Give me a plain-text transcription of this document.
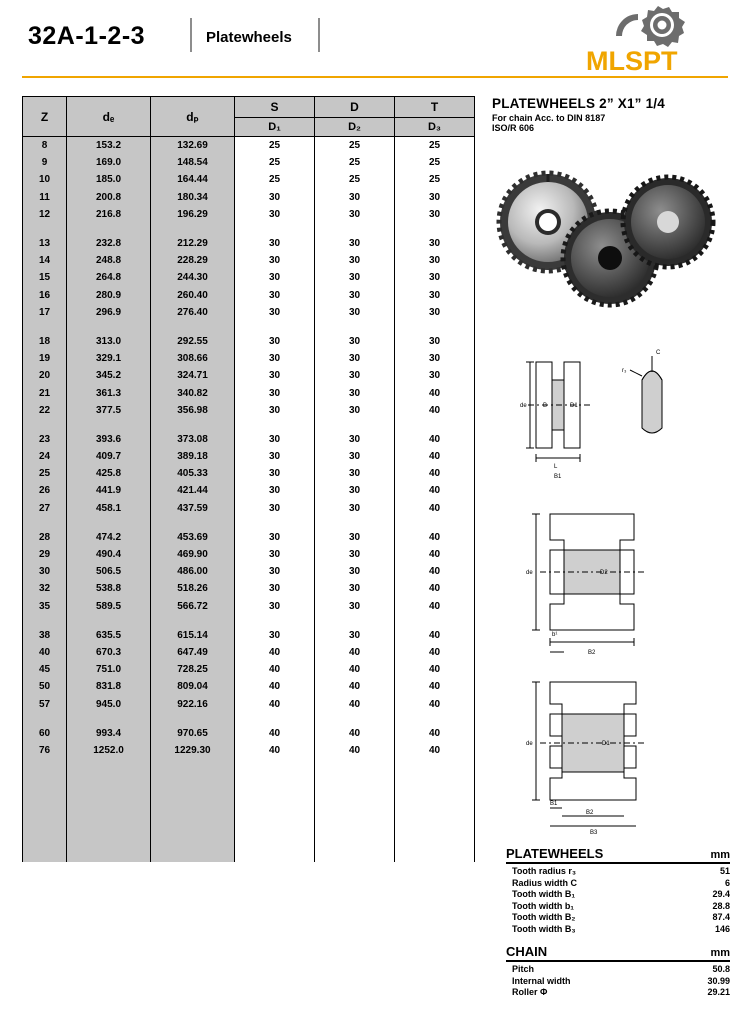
32A-1-2-3	Platewheels
MLSPT
Z	dₑ	dₚ	S	D	T
			D₁	D₂	D₃
8	153.2	132.69	25	25	25
9	169.0	148.54	25	25	25
10	185.0	164.44	25	25	25
11	200.8	180.34	30	30	30
12	216.8	196.29	30	30	30

13	232.8	212.29	30	30	30
14	248.8	228.29	30	30	30
15	264.8	244.30	30	30	30
16	280.9	260.40	30	30	30
17	296.9	276.40	30	30	30

18	313.0	292.55	30	30	30
19	329.1	308.66	30	30	30
20	345.2	324.71	30	30	30
21	361.3	340.82	30	30	40
22	377.5	356.98	30	30	40

23	393.6	373.08	30	30	40
24	409.7	389.18	30	30	40
25	425.8	405.33	30	30	40
26	441.9	421.44	30	30	40
27	458.1	437.59	30	30	40

28	474.2	453.69	30	30	40
29	490.4	469.90	30	30	40
30	506.5	486.00	30	30	40
32	538.8	518.26	30	30	40
35	589.5	566.72	30	30	40

38	635.5	615.14	30	30	40
40	670.3	647.49	40	40	40
45	751.0	728.25	40	40	40
50	831.8	809.04	40	40	40
57	945.0	922.16	40	40	40

60	993.4	970.65	40	40	40
76	1252.0	1229.30	40	40	40

PLATEWHEELS 2” X1” 1/4
For chain Acc. to DIN 8187
ISO/R 606
C
r₃
de	B	D1
L
B1
de	D2
b¹
B2
de	D1
B1
B2
B3
PLATEWHEELS	mm
Tooth radius r₃	51
Radius width C	6
Tooth width B₁	29.4
Tooth width b₁	28.8
Tooth width B₂	87.4
Tooth width B₃	146
CHAIN	mm
Pitch	50.8
Internal width	30.99
Roller Φ	29.21
